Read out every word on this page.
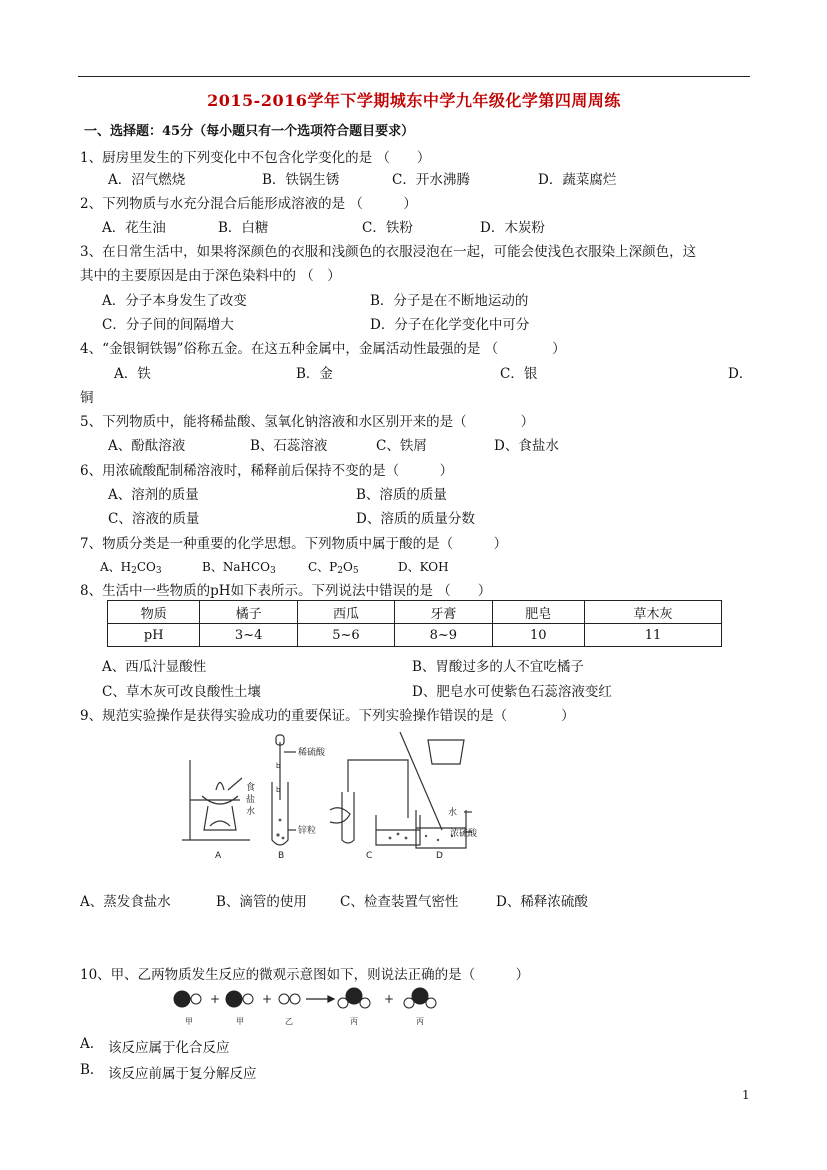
2015-2016学年下学期城东中学九年级化学第四周周练
一、选择题：45分（每小题只有一个选项符合题目要求）
1、厨房里发生的下列变化中不包含化学变化的是 （　　）
A．沼气燃烧	B．铁锅生锈	C．开水沸腾	D．蔬菜腐烂
2、下列物质与水充分混合后能形成溶液的是 （　　　）
A．花生油	B．白糖	C．铁粉	D．木炭粉
3、在日常生活中，如果将深颜色的衣服和浅颜色的衣服浸泡在一起，可能会使浅色衣服染上深颜色，这
其中的主要原因是由于深色染料中的 （　）
A．分子本身发生了改变	B．分子是在不断地运动的
C．分子间的间隔增大	D．分子在化学变化中可分
4、“金银铜铁锡”俗称五金。在这五种金属中，金属活动性最强的是 （　　　　）
A．铁	B．金	C．银	D．
铜
5、下列物质中，能将稀盐酸、氢氧化钠溶液和水区别开来的是（　　　　）
A、酚酞溶液	B、石蕊溶液	C、铁屑	D、食盐水
6、用浓硫酸配制稀溶液时，稀释前后保持不变的是（　　　）
A、溶剂的质量	B、溶质的质量
C、溶液的质量	D、溶质的质量分数
7、物质分类是一种重要的化学思想。下列物质中属于酸的是（　　　）
A、$H_2CO_3$	B、NaHCO$_3$	C、$P_2O_5$	D、KOH
8、生活中一些物质的pH如下表所示。下列说法中错误的是 （　　）
物质	橘子	西瓜	牙膏	肥皂	草木灰
pH	3~4	5~6	8~9	10	11
A、西瓜汁显酸性	B、胃酸过多的人不宜吃橘子
C、草木灰可改良酸性土壤	D、肥皂水可使紫色石蕊溶液变红
9、规范实验操作是获得实验成功的重要保证。下列实验操作错误的是（　　　　）
食
盐
水
稀硫酸
锌粒
b
b
水
浓硫酸
A	B	C	D
A、蒸发食盐水	B、滴管的使用 C、检查装置气密性	D、稀释浓硫酸
10、甲、乙两物质发生反应的微观示意图如下，则说法正确的是（　　　）
+	+	+
甲	甲	乙	丙	丙
A. 该反应属于化合反应
B. 该反应前属于复分解反应
1
